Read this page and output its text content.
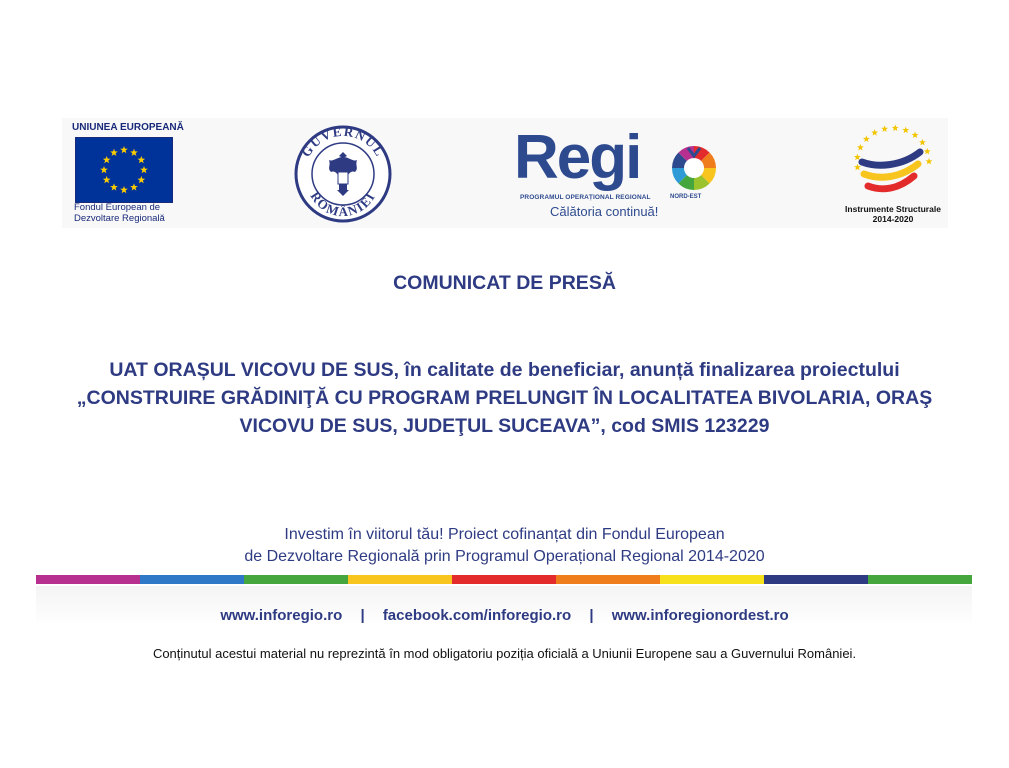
UNIUNEA EUROPEANĂ
Fondul European de
Dezvoltare Regională
GUVERNUL
ROMÂNIEI
Regi
PROGRAMUL OPERAȚIONAL REGIONAL	NORD-EST
Călătoria continuă!	Instrumente Structurale
2014-2020
COMUNICAT DE PRESĂ
UAT ORAȘUL VICOVU DE SUS, în calitate de beneficiar, anunță finalizarea proiectului
„CONSTRUIRE GRĂDINIŢĂ CU PROGRAM PRELUNGIT ÎN LOCALITATEA BIVOLARIA, ORAŞ
VICOVU DE SUS, JUDEŢUL SUCEAVA”, cod SMIS 123229
Investim în viitorul tău! Proiect cofinanțat din Fondul European
de Dezvoltare Regională prin Programul Operațional Regional 2014-2020
www.inforegio.ro | facebook.com/inforegio.ro | www.inforegionordest.ro
Conținutul acestui material nu reprezintă în mod obligatoriu poziția oficială a Uniunii Europene sau a Guvernului României.
